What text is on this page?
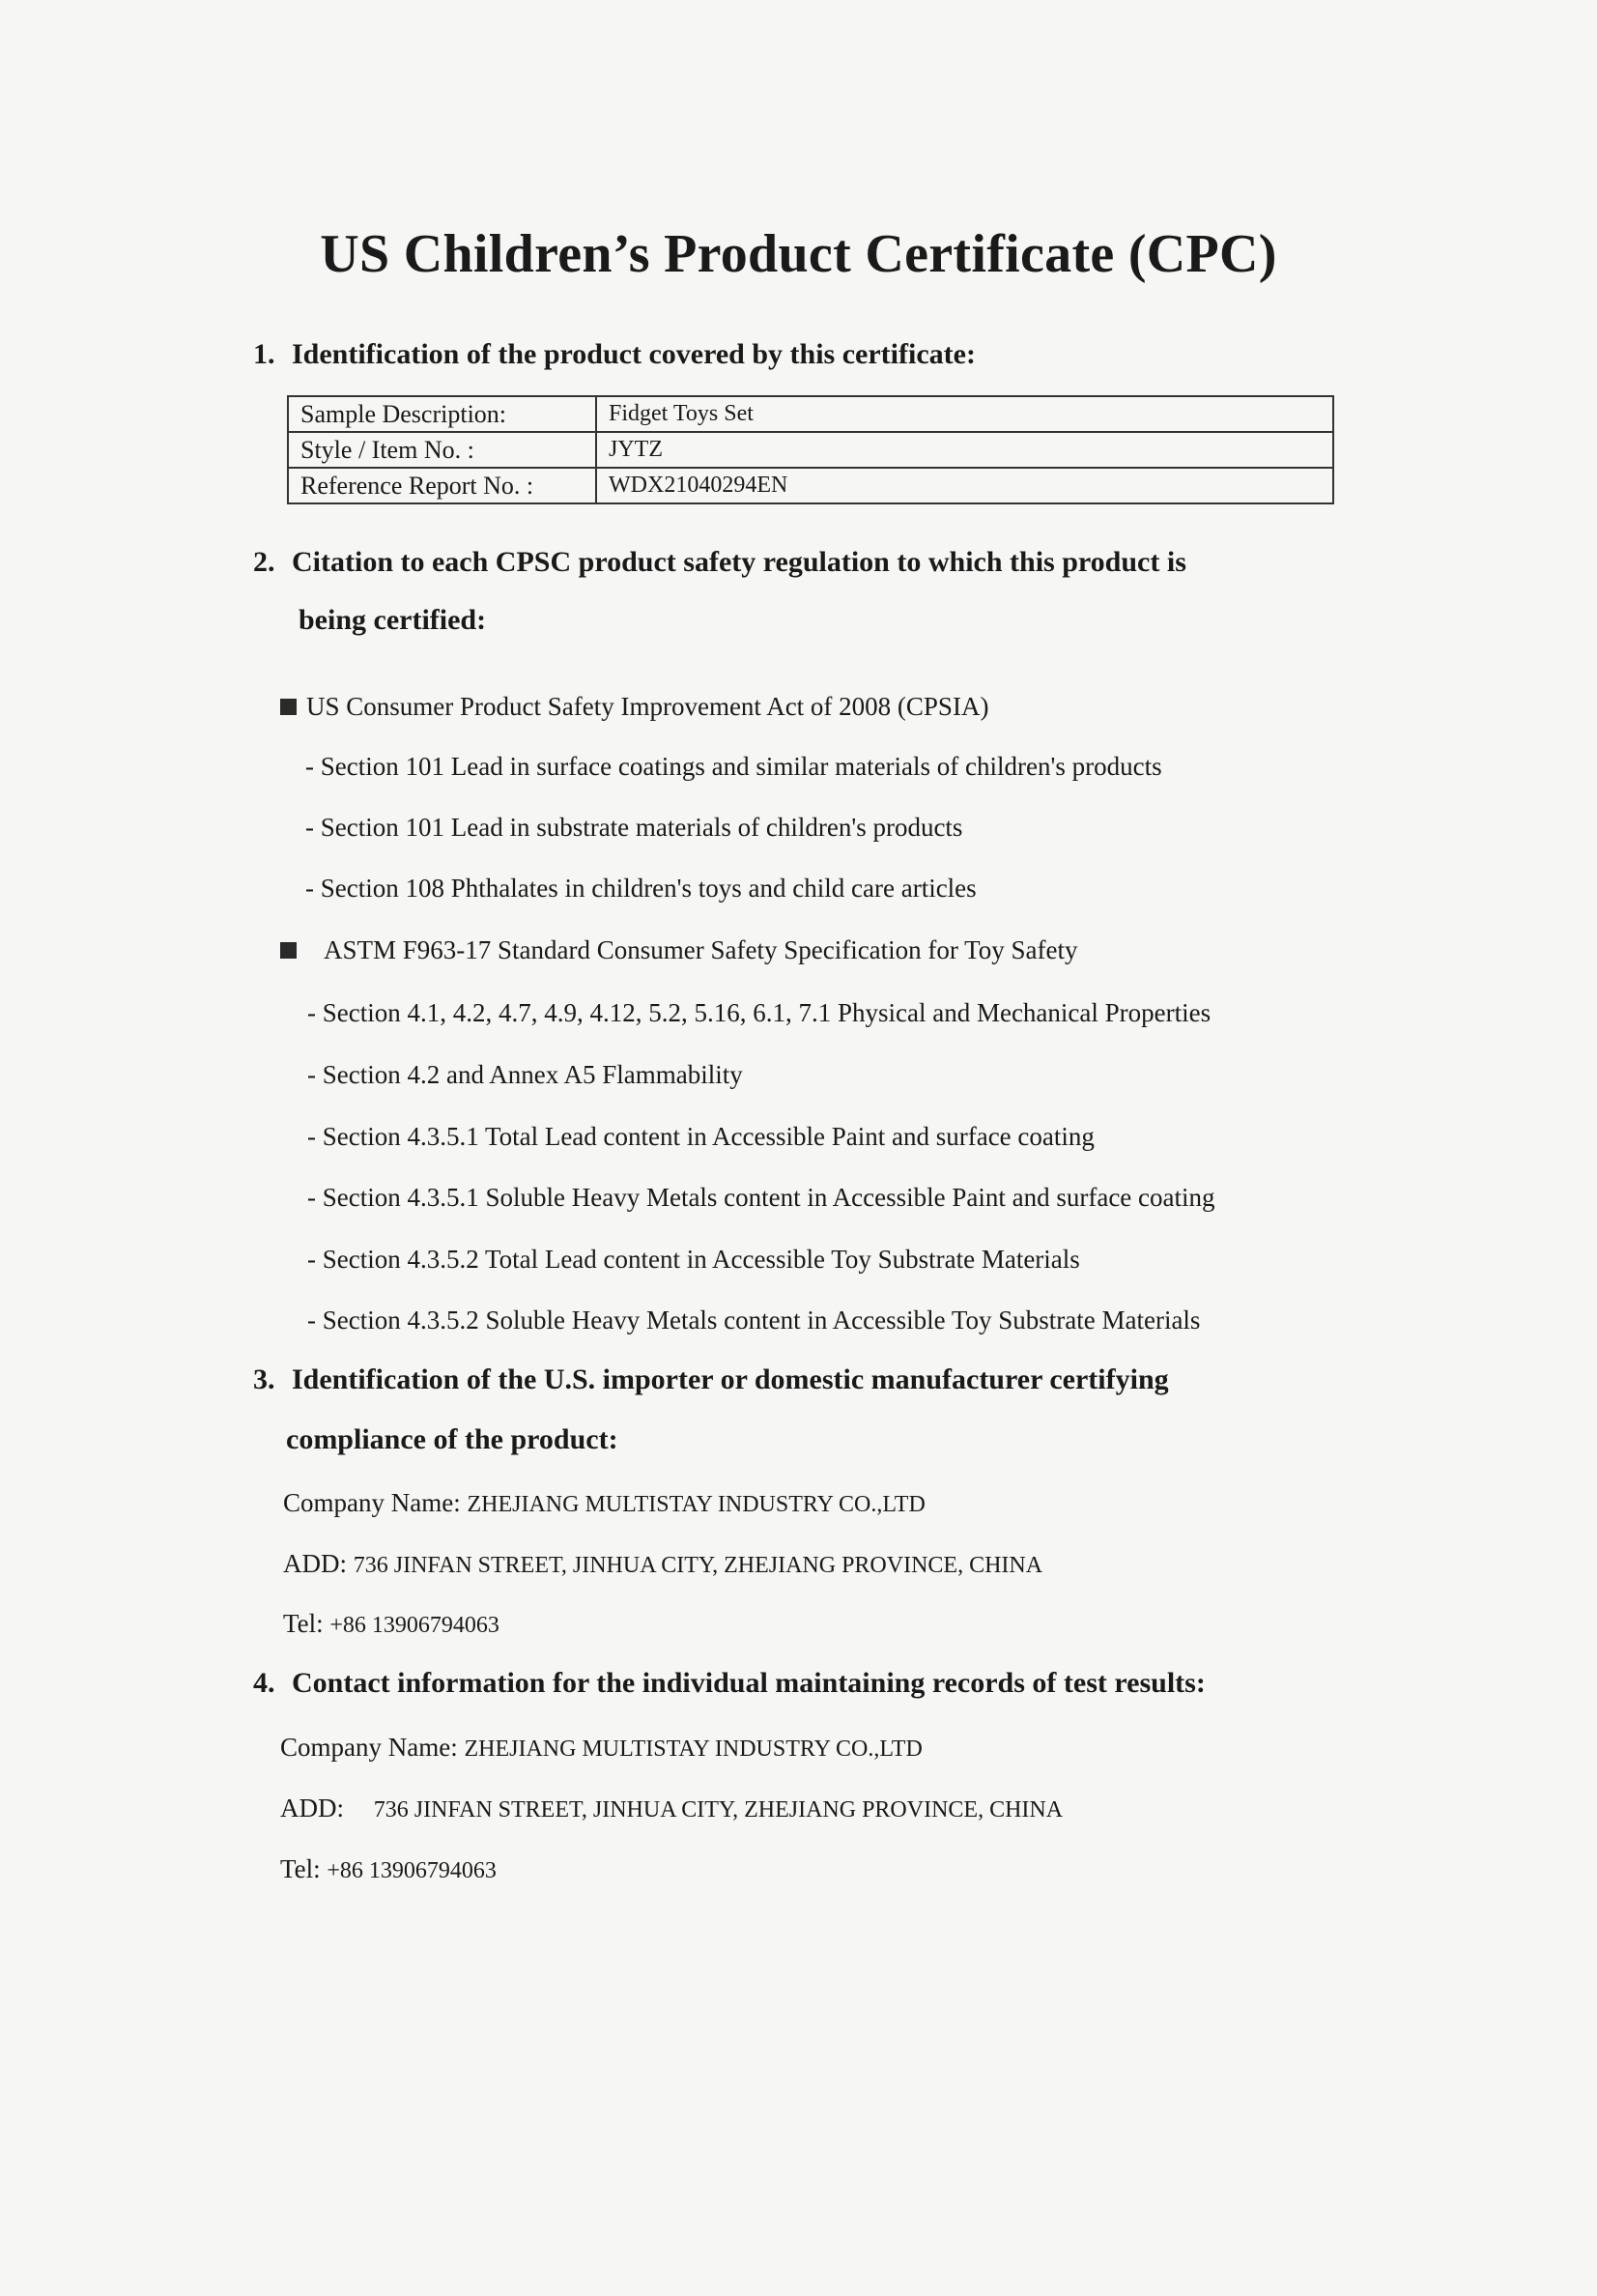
US Children’s Product Certificate (CPC)
1. Identification of the product covered by this certificate:
Sample Description:	Fidget Toys Set
Style / Item No. :	JYTZ
Reference Report No. :	WDX21040294EN
2. Citation to each CPSC product safety regulation to which this product is
being certified:
US Consumer Product Safety Improvement Act of 2008 (CPSIA)
- Section 101 Lead in surface coatings and similar materials of children's products
- Section 101 Lead in substrate materials of children's products
- Section 108 Phthalates in children's toys and child care articles
ASTM F963-17 Standard Consumer Safety Specification for Toy Safety
- Section 4.1, 4.2, 4.7, 4.9, 4.12, 5.2, 5.16, 6.1, 7.1 Physical and Mechanical Properties
- Section 4.2 and Annex A5 Flammability
- Section 4.3.5.1 Total Lead content in Accessible Paint and surface coating
- Section 4.3.5.1 Soluble Heavy Metals content in Accessible Paint and surface coating
- Section 4.3.5.2 Total Lead content in Accessible Toy Substrate Materials
- Section 4.3.5.2 Soluble Heavy Metals content in Accessible Toy Substrate Materials
3. Identification of the U.S. importer or domestic manufacturer certifying
compliance of the product:
Company Name: ZHEJIANG MULTISTAY INDUSTRY CO.,LTD
ADD: 736 JINFAN STREET, JINHUA CITY, ZHEJIANG PROVINCE, CHINA
Tel: +86 13906794063
4. Contact information for the individual maintaining records of test results:
Company Name: ZHEJIANG MULTISTAY INDUSTRY CO.,LTD
ADD: 736 JINFAN STREET, JINHUA CITY, ZHEJIANG PROVINCE, CHINA
Tel: +86 13906794063
